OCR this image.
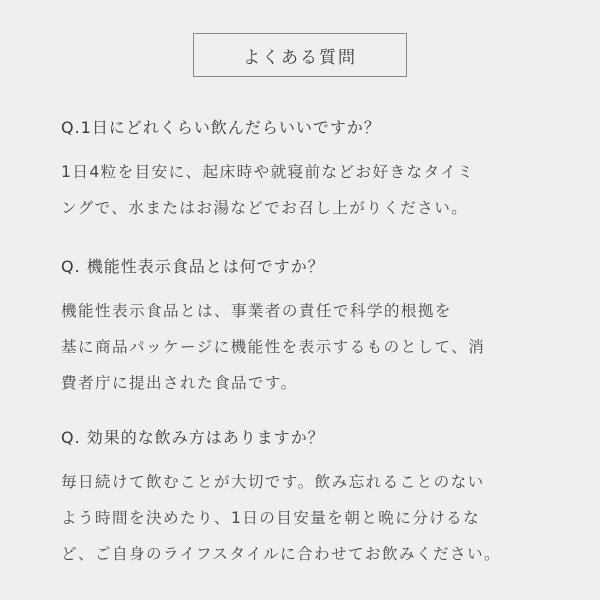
よくある質問

Q.1日にどれくらい飲んだらいいですか？

1日4粒を目安に、起床時や就寝前などお好きなタイミ
ングで、水またはお湯などでお召し上がりください。

Q. 機能性表示食品とは何ですか？

機能性表示食品とは、事業者の責任で科学的根拠を
基に商品パッケージに機能性を表示するものとして、消
費者庁に提出された食品です。

Q. 効果的な飲み方はありますか？

毎日続けて飲むことが大切です。飲み忘れることのない
よう時間を決めたり、1日の目安量を朝と晩に分けるな
ど、ご自身のライフスタイルに合わせてお飲みください。
